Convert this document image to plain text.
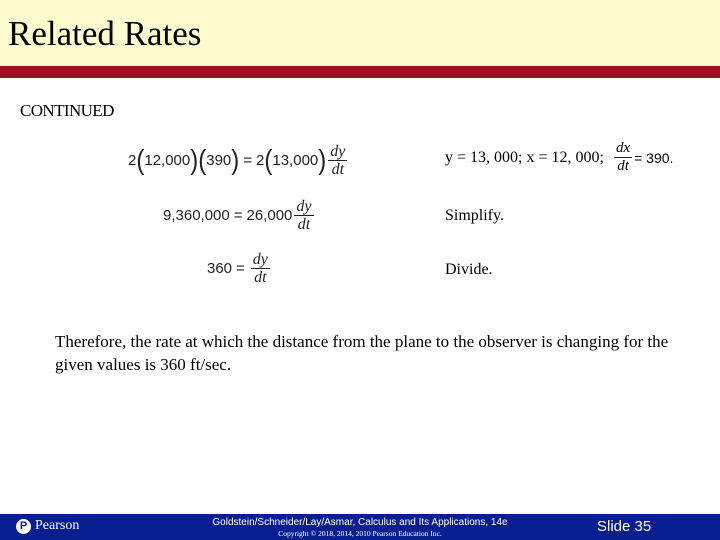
Related Rates
CONTINUED
2 ( 12,000 ) ( 390 ) = 2 ( 13,000 ) $\frac{dy}{dt}$	y = 13, 000; x = 12, 000; $\frac{dx}{dt} = 390$.
$9,360,000 = 26,000 \frac{dy}{dt}$	Simplify.
$360 = \frac{dy}{dt}$	Divide.
Therefore, the rate at which the distance from the plane to the observer is changing for the given values is 360 ft/sec.
P Pearson	Goldstein/Schneider/Lay/Asmar, Calculus and Its Applications, 14e
Copyright © 2018, 2014, 2010 Pearson Education Inc.	Slide 35
